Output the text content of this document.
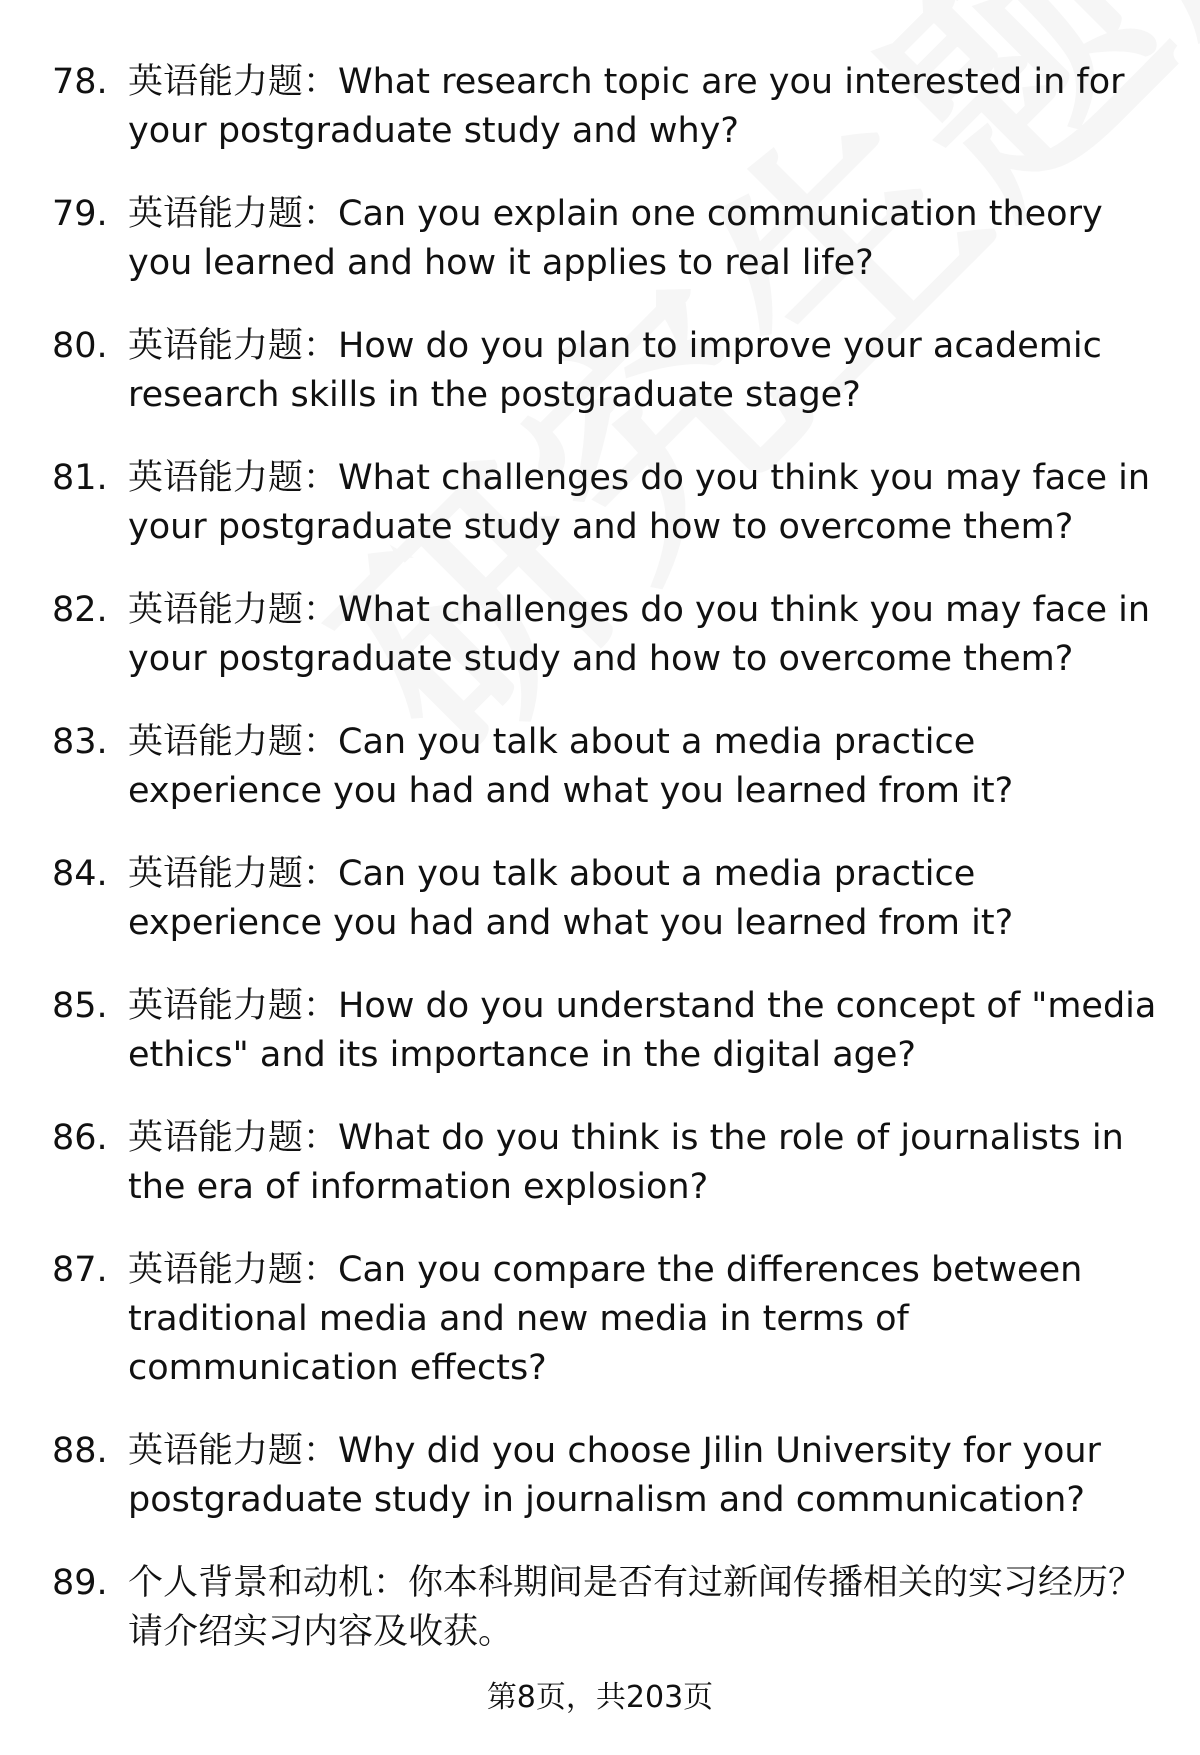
78. 英语能力题：What research topic are you interested in for your postgraduate study and why?
79. 英语能力题：Can you explain one communication theory you learned and how it applies to real life?
80. 英语能力题：How do you plan to improve your academic research skills in the postgraduate stage?
81. 英语能力题：What challenges do you think you may face in your postgraduate study and how to overcome them?
82. 英语能力题：What challenges do you think you may face in your postgraduate study and how to overcome them?
83. 英语能力题：Can you talk about a media practice experience you had and what you learned from it?
84. 英语能力题：Can you talk about a media practice experience you had and what you learned from it?
85. 英语能力题：How do you understand the concept of "media ethics" and its importance in the digital age?
86. 英语能力题：What do you think is the role of journalists in the era of information explosion?
87. 英语能力题：Can you compare the differences between traditional media and new media in terms of communication effects?
88. 英语能力题：Why did you choose Jilin University for your postgraduate study in journalism and communication?
89. 个人背景和动机：你本科期间是否有过新闻传播相关的实习经历？请介绍实习内容及收获。
第8页，共203页
